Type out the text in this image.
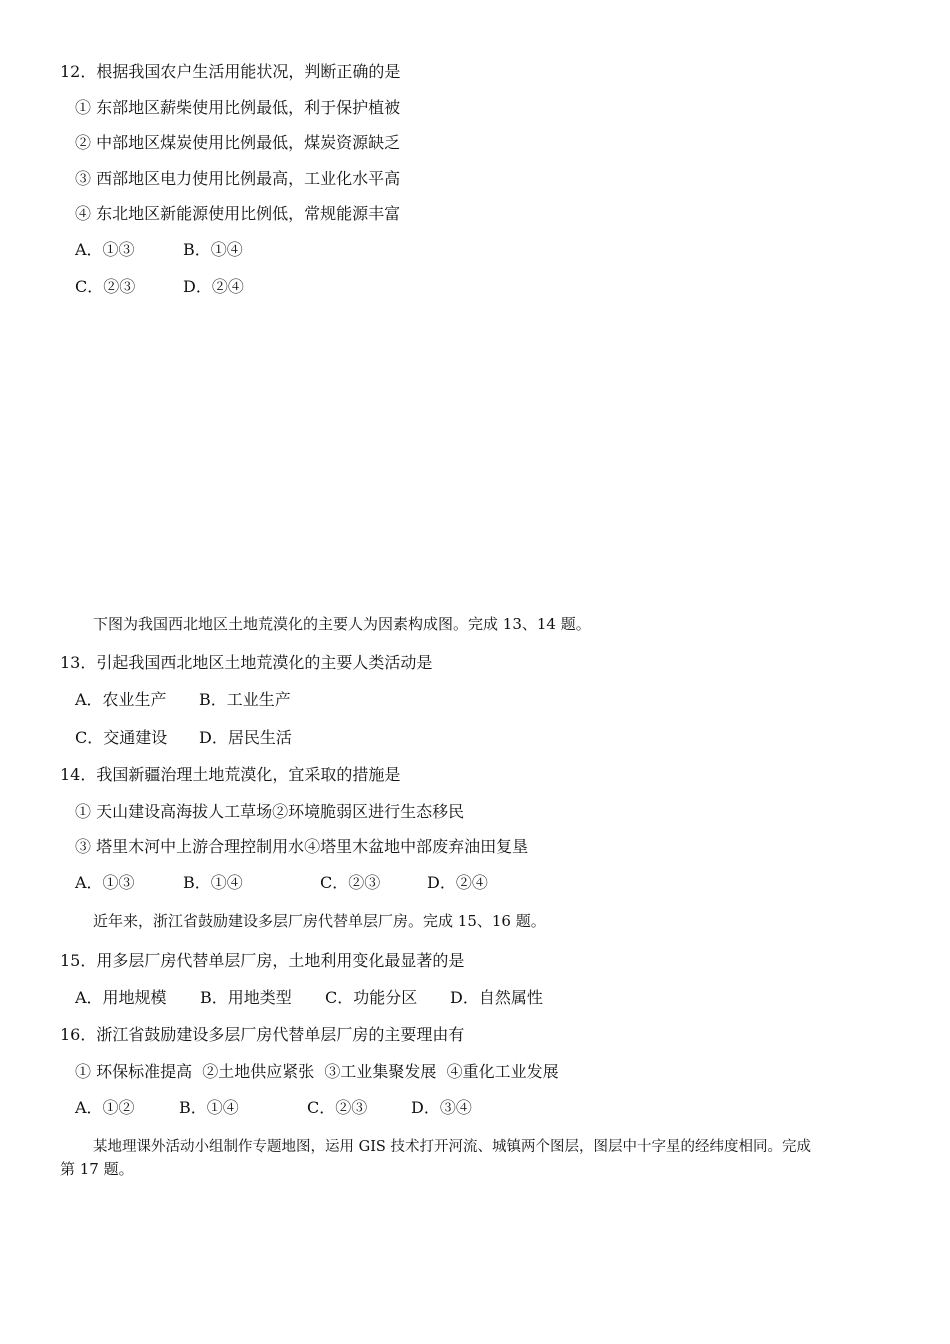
12．根据我国农户生活用能状况，判断正确的是
① 东部地区薪柴使用比例最低，利于保护植被
② 中部地区煤炭使用比例最低，煤炭资源缺乏
③ 西部地区电力使用比例最高，工业化水平高
④ 东北地区新能源使用比例低，常规能源丰富
A．①③	B．①④
C．②③	D．②④
下图为我国西北地区土地荒漠化的主要人为因素构成图。完成 13、14 题。
13．引起我国西北地区土地荒漠化的主要人类活动是
A．农业生产 B．工业生产
C．交通建设 D．居民生活
14．我国新疆治理土地荒漠化，宜采取的措施是
① 天山建设高海拔人工草场②环境脆弱区进行生态移民
③ 塔里木河中上游合理控制用水④塔里木盆地中部废弃油田复垦
A．①③	B．①④	C．②③	D．②④
近年来，浙江省鼓励建设多层厂房代替单层厂房。完成 15、16 题。
15．用多层厂房代替单层厂房，土地利用变化最显著的是
A．用地规模 B．用地类型 C．功能分区 D．自然属性
16．浙江省鼓励建设多层厂房代替单层厂房的主要理由有
① 环保标准提高  ②土地供应紧张  ③工业集聚发展  ④重化工业发展
A．①②	B．①④	C．②③	D．③④
某地理课外活动小组制作专题地图，运用 GIS 技术打开河流、城镇两个图层，图层中十字星的经纬度相同。完成
第 17 题。
